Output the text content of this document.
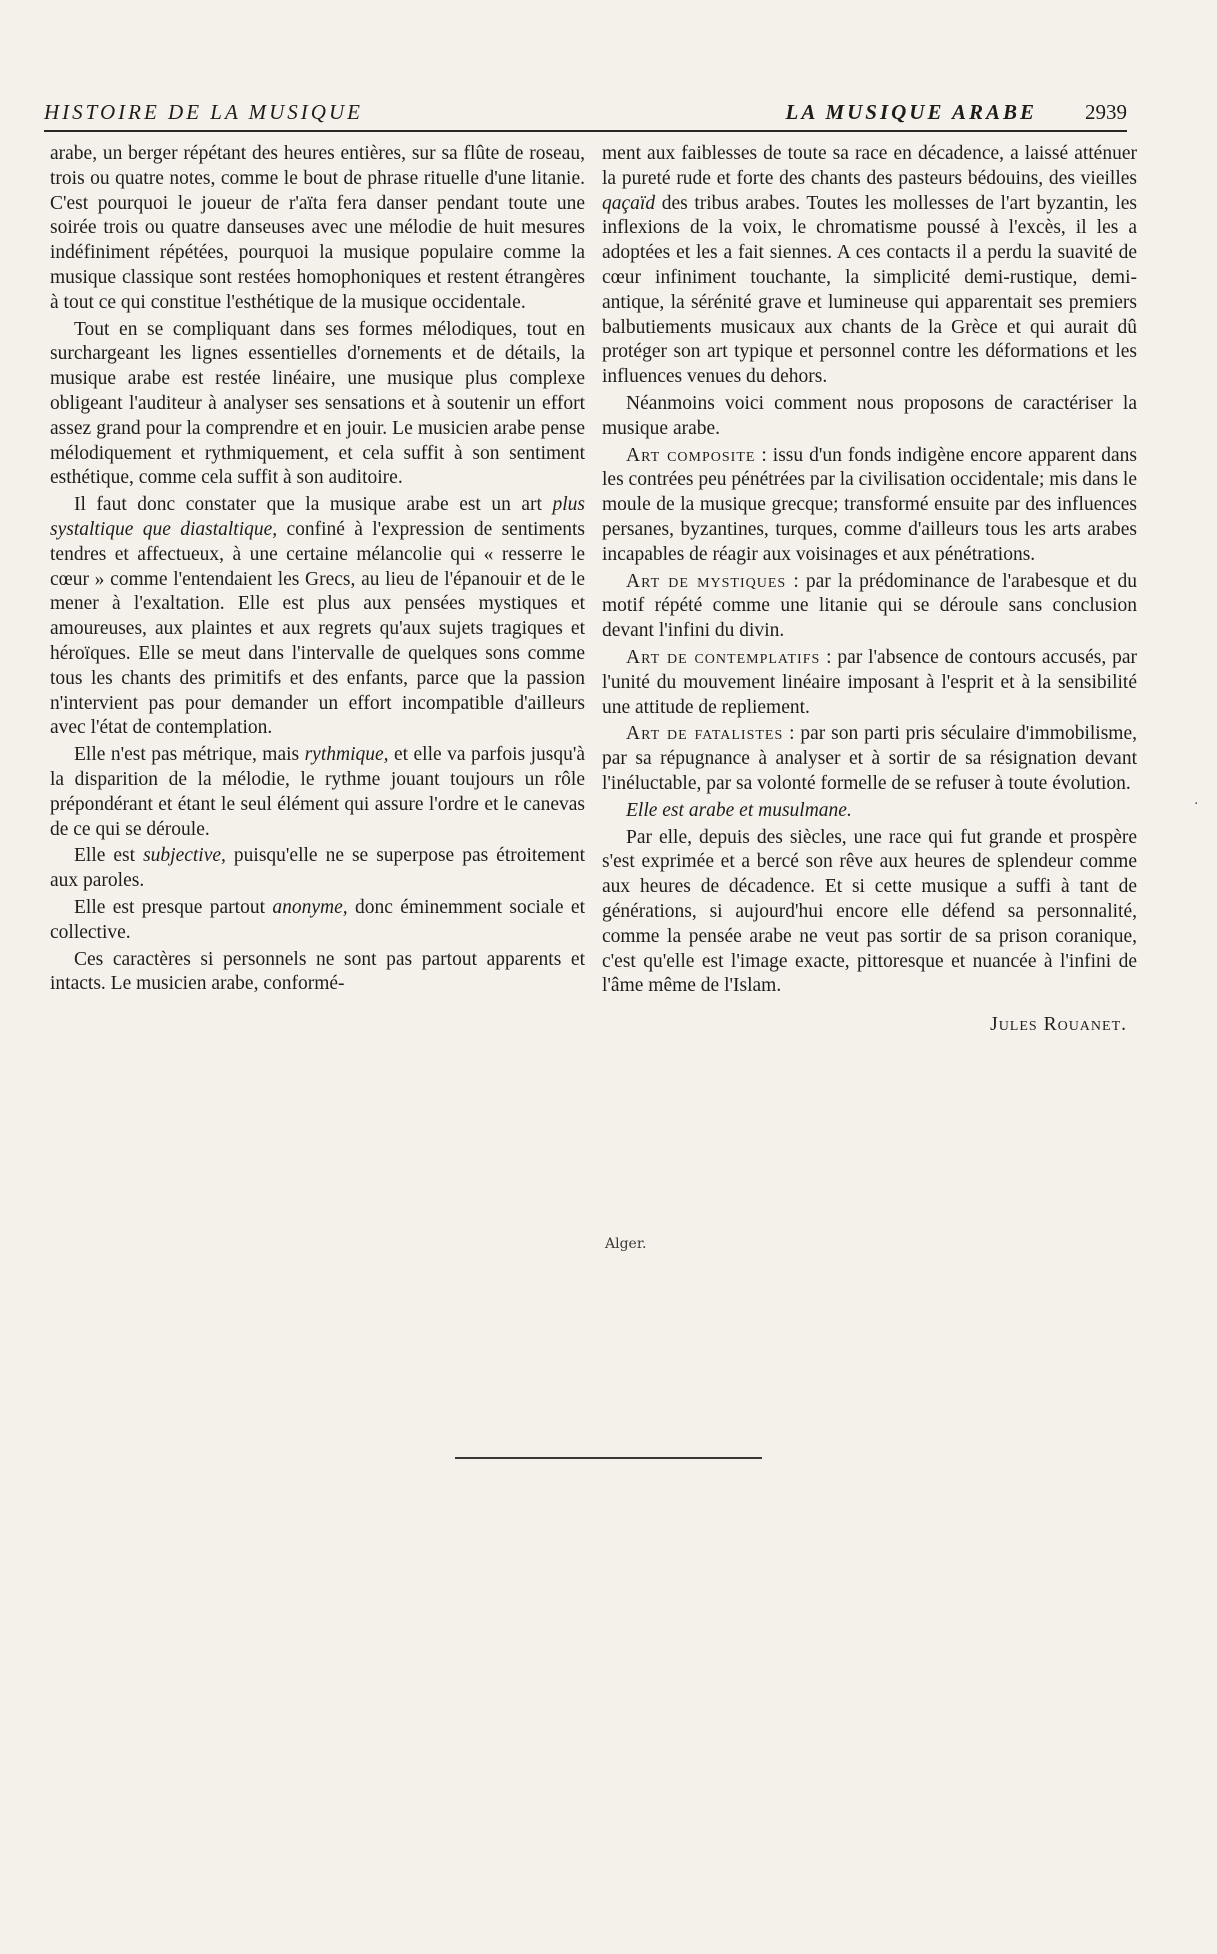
HISTOIRE DE LA MUSIQUE	LA MUSIQUE ARABE 2939

arabe, un berger répétant des heures entières, sur sa flûte de roseau, trois ou quatre notes, comme le bout de phrase rituelle d'une litanie. C'est pourquoi le joueur de r'aïta fera danser pendant toute une soirée trois ou quatre danseuses avec une mélodie de huit mesures indéfiniment répétées, pourquoi la musique populaire comme la musique classique sont restées homophoniques et restent étrangères à tout ce qui constitue l'esthétique de la musique occidentale.

Tout en se compliquant dans ses formes mélodiques, tout en surchargeant les lignes essentielles d'ornements et de détails, la musique arabe est restée linéaire, une musique plus complexe obligeant l'auditeur à analyser ses sensations et à soutenir un effort assez grand pour la comprendre et en jouir. Le musicien arabe pense mélodiquement et rythmiquement, et cela suffit à son sentiment esthétique, comme cela suffit à son auditoire.

Il faut donc constater que la musique arabe est un art plus systaltique que diastaltique, confiné à l'expression de sentiments tendres et affectueux, à une certaine mélancolie qui « resserre le cœur » comme l'entendaient les Grecs, au lieu de l'épanouir et de le mener à l'exaltation. Elle est plus aux pensées mystiques et amoureuses, aux plaintes et aux regrets qu'aux sujets tragiques et héroïques. Elle se meut dans l'intervalle de quelques sons comme tous les chants des primitifs et des enfants, parce que la passion n'intervient pas pour demander un effort incompatible d'ailleurs avec l'état de contemplation.

Elle n'est pas métrique, mais rythmique, et elle va parfois jusqu'à la disparition de la mélodie, le rythme jouant toujours un rôle prépondérant et étant le seul élément qui assure l'ordre et le canevas de ce qui se déroule.

Elle est subjective, puisqu'elle ne se superpose pas étroitement aux paroles.

Elle est presque partout anonyme, donc éminemment sociale et collective.

Ces caractères si personnels ne sont pas partout apparents et intacts. Le musicien arabe, conformé-

ment aux faiblesses de toute sa race en décadence, a laissé atténuer la pureté rude et forte des chants des pasteurs bédouins, des vieilles qaçaïd des tribus arabes. Toutes les mollesses de l'art byzantin, les inflexions de la voix, le chromatisme poussé à l'excès, il les a adoptées et les a fait siennes. A ces contacts il a perdu la suavité de cœur infiniment touchante, la simplicité demi-rustique, demi-antique, la sérénité grave et lumineuse qui apparentait ses premiers balbutiements musicaux aux chants de la Grèce et qui aurait dû protéger son art typique et personnel contre les déformations et les influences venues du dehors.

Néanmoins voici comment nous proposons de caractériser la musique arabe.

Art composite : issu d'un fonds indigène encore apparent dans les contrées peu pénétrées par la civilisation occidentale; mis dans le moule de la musique grecque; transformé ensuite par des influences persanes, byzantines, turques, comme d'ailleurs tous les arts arabes incapables de réagir aux voisinages et aux pénétrations.

Art de mystiques : par la prédominance de l'arabesque et du motif répété comme une litanie qui se déroule sans conclusion devant l'infini du divin.

Art de contemplatifs : par l'absence de contours accusés, par l'unité du mouvement linéaire imposant à l'esprit et à la sensibilité une attitude de repliement.

Art de fatalistes : par son parti pris séculaire d'immobilisme, par sa répugnance à analyser et à sortir de sa résignation devant l'inéluctable, par sa volonté formelle de se refuser à toute évolution.

Elle est arabe et musulmane.

Par elle, depuis des siècles, une race qui fut grande et prospère s'est exprimée et a bercé son rêve aux heures de splendeur comme aux heures de décadence. Et si cette musique a suffi à tant de générations, si aujourd'hui encore elle défend sa personnalité, comme la pensée arabe ne veut pas sortir de sa prison coranique, c'est qu'elle est l'image exacte, pittoresque et nuancée à l'infini de l'âme même de l'Islam.

Jules Rouanet.
Alger.
·
